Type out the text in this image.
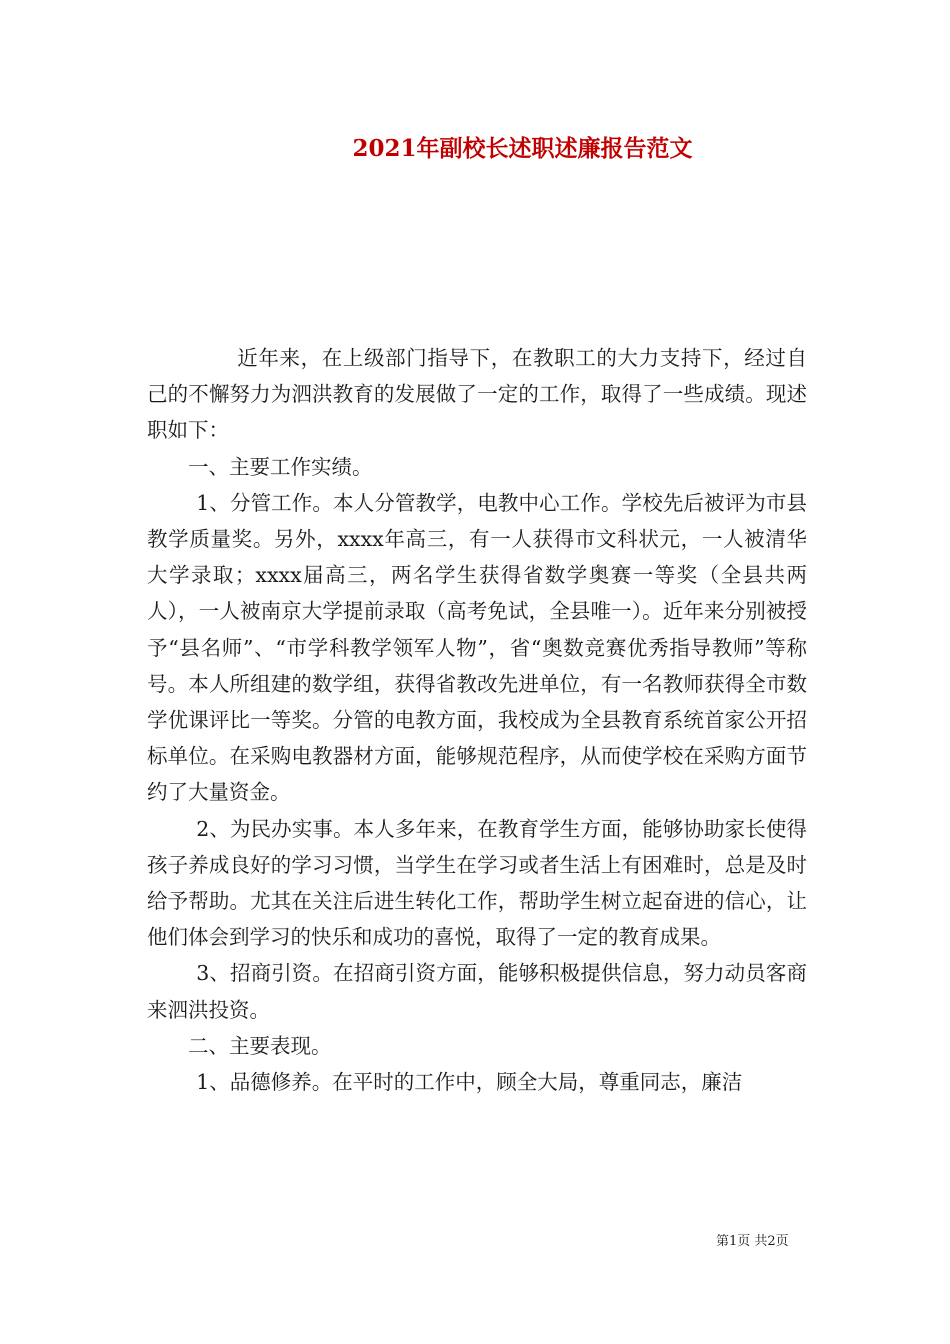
2021年副校长述职述廉报告范文

近年来，在上级部门指导下，在教职工的大力支持下，经过自己的不懈努力为泗洪教育的发展做了一定的工作，取得了一些成绩。现述职如下：

一、主要工作实绩。

1、分管工作。本人分管教学，电教中心工作。学校先后被评为市县教学质量奖。另外，xxxx年高三，有一人获得市文科状元，一人被清华大学录取；xxxx届高三，两名学生获得省数学奥赛一等奖（全县共两人），一人被南京大学提前录取（高考免试，全县唯一）。近年来分别被授予“县名师”、“市学科教学领军人物”，省“奥数竞赛优秀指导教师”等称号。本人所组建的数学组，获得省教改先进单位，有一名教师获得全市数学优课评比一等奖。分管的电教方面，我校成为全县教育系统首家公开招标单位。在采购电教器材方面，能够规范程序，从而使学校在采购方面节约了大量资金。

2、为民办实事。本人多年来，在教育学生方面，能够协助家长使得孩子养成良好的学习习惯，当学生在学习或者生活上有困难时，总是及时给予帮助。尤其在关注后进生转化工作，帮助学生树立起奋进的信心，让他们体会到学习的快乐和成功的喜悦，取得了一定的教育成果。

3、招商引资。在招商引资方面，能够积极提供信息，努力动员客商来泗洪投资。

二、主要表现。

1、品德修养。在平时的工作中，顾全大局，尊重同志，廉洁

第1页 共2页
